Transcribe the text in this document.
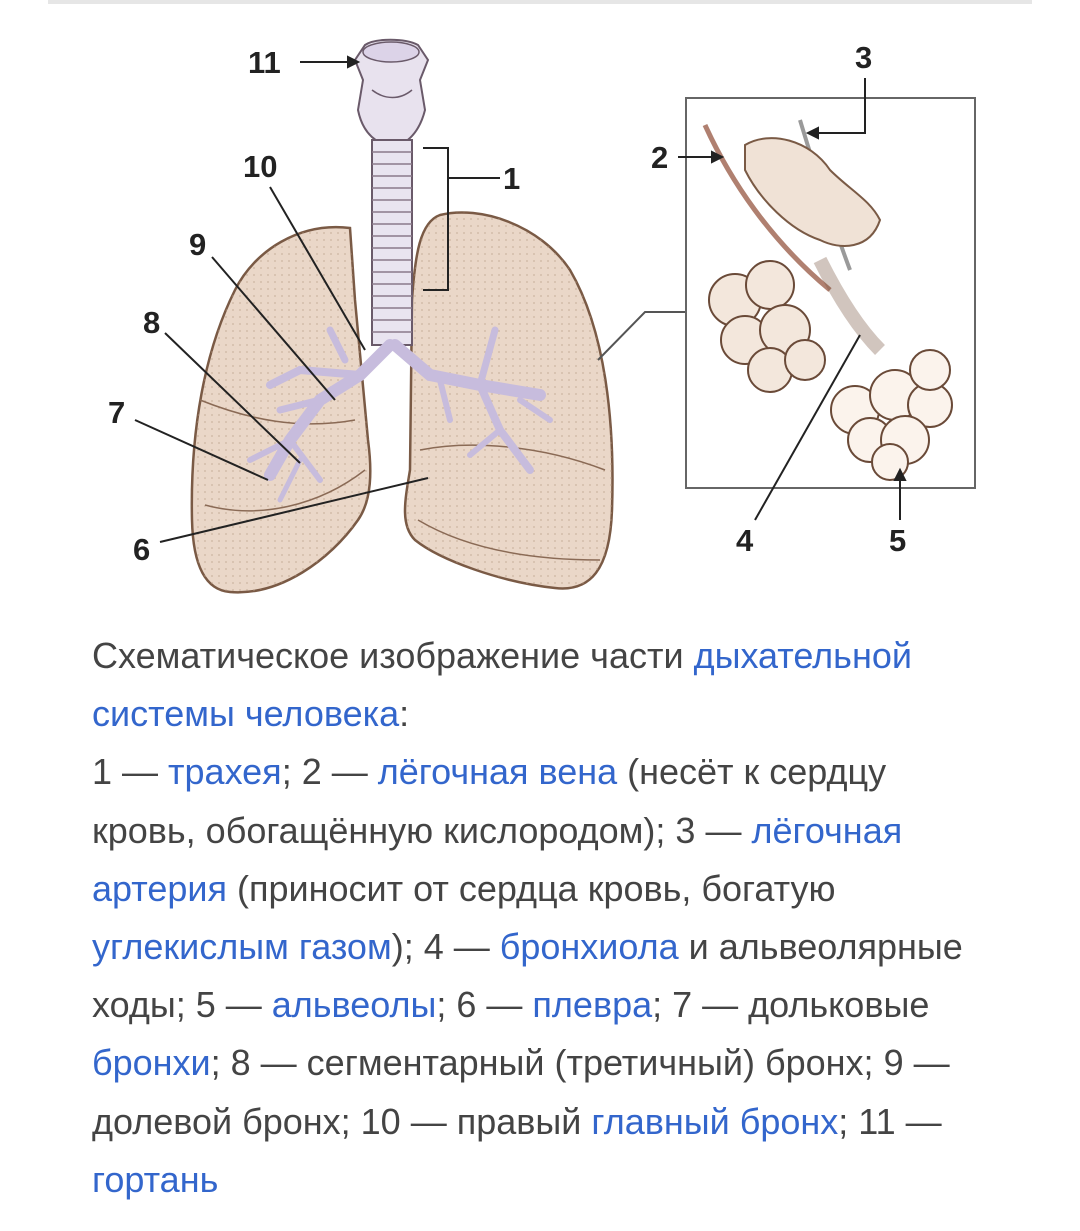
11
1
10
9
8
7
6
2
3
4	5
Схематическое изображение части дыхательной системы человека:
1 — трахея; 2 — лёгочная вена (несёт к сердцу кровь, обогащённую кислородом); 3 — лёгочная артерия (приносит от сердца кровь, богатую углекислым газом); 4 — бронхиола и альвеолярные ходы; 5 — альвеолы; 6 — плевра; 7 — дольковые бронхи; 8 — сегментарный (третичный) бронх; 9 — долевой бронх; 10 — правый главный бронх; 11 — гортань
